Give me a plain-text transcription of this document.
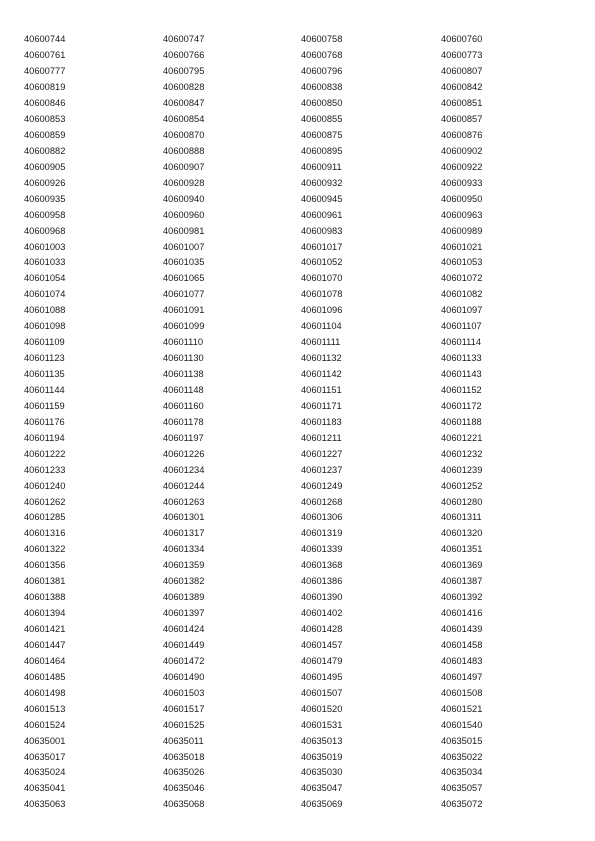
40600744	40600747	40600758	40600760
40600761	40600766	40600768	40600773
40600777	40600795	40600796	40600807
40600819	40600828	40600838	40600842
40600846	40600847	40600850	40600851
40600853	40600854	40600855	40600857
40600859	40600870	40600875	40600876
40600882	40600888	40600895	40600902
40600905	40600907	40600911	40600922
40600926	40600928	40600932	40600933
40600935	40600940	40600945	40600950
40600958	40600960	40600961	40600963
40600968	40600981	40600983	40600989
40601003	40601007	40601017	40601021
40601033	40601035	40601052	40601053
40601054	40601065	40601070	40601072
40601074	40601077	40601078	40601082
40601088	40601091	40601096	40601097
40601098	40601099	40601104	40601107
40601109	40601110	40601111	40601114
40601123	40601130	40601132	40601133
40601135	40601138	40601142	40601143
40601144	40601148	40601151	40601152
40601159	40601160	40601171	40601172
40601176	40601178	40601183	40601188
40601194	40601197	40601211	40601221
40601222	40601226	40601227	40601232
40601233	40601234	40601237	40601239
40601240	40601244	40601249	40601252
40601262	40601263	40601268	40601280
40601285	40601301	40601306	40601311
40601316	40601317	40601319	40601320
40601322	40601334	40601339	40601351
40601356	40601359	40601368	40601369
40601381	40601382	40601386	40601387
40601388	40601389	40601390	40601392
40601394	40601397	40601402	40601416
40601421	40601424	40601428	40601439
40601447	40601449	40601457	40601458
40601464	40601472	40601479	40601483
40601485	40601490	40601495	40601497
40601498	40601503	40601507	40601508
40601513	40601517	40601520	40601521
40601524	40601525	40601531	40601540
40635001	40635011	40635013	40635015
40635017	40635018	40635019	40635022
40635024	40635026	40635030	40635034
40635041	40635046	40635047	40635057
40635063	40635068	40635069	40635072
